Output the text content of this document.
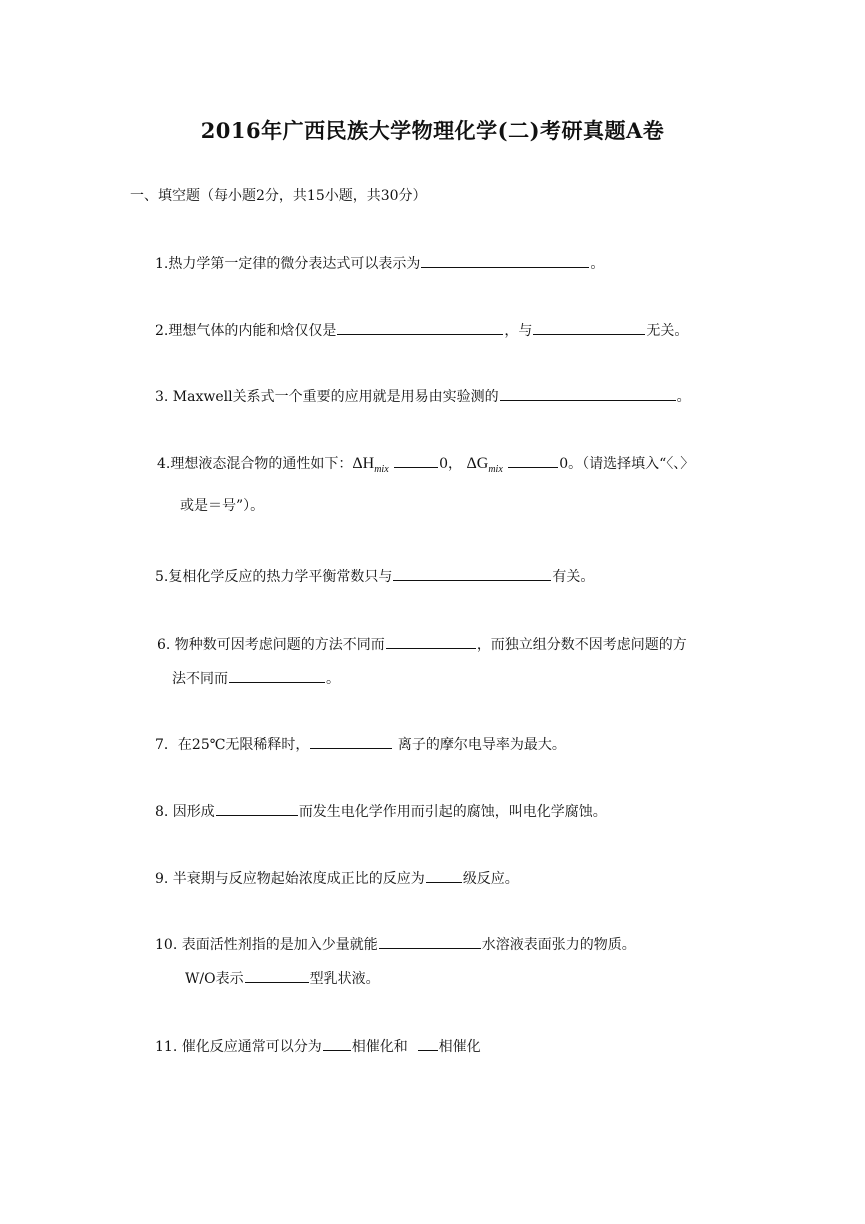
2016年广西民族大学物理化学(二)考研真题A卷
一、填空题（每小题2分，共15小题，共30分）
1.热力学第一定律的微分表达式可以表示为	。
2.理想气体的内能和焓仅仅是	，与	无关。
3. Maxwell关系式一个重要的应用就是用易由实验测的	。
4.理想液态混合物的通性如下：$\Delta H_{mix}$	0， $\Delta G_{mix}$	0。（请选择填入“〈、〉
或是＝号”）。
5.复相化学反应的热力学平衡常数只与	有关。
6. 物种数可因考虑问题的方法不同而	，而独立组分数不因考虑问题的方
法不同而	。
7．在25℃无限稀释时，	离子的摩尔电导率为最大。
8. 因形成	而发生电化学作用而引起的腐蚀，叫电化学腐蚀。
9. 半衰期与反应物起始浓度成正比的反应为	级反应。
10. 表面活性剂指的是加入少量就能	水溶液表面张力的物质。
W/O表示	型乳状液。
11. 催化反应通常可以分为 相催化和 相催化
